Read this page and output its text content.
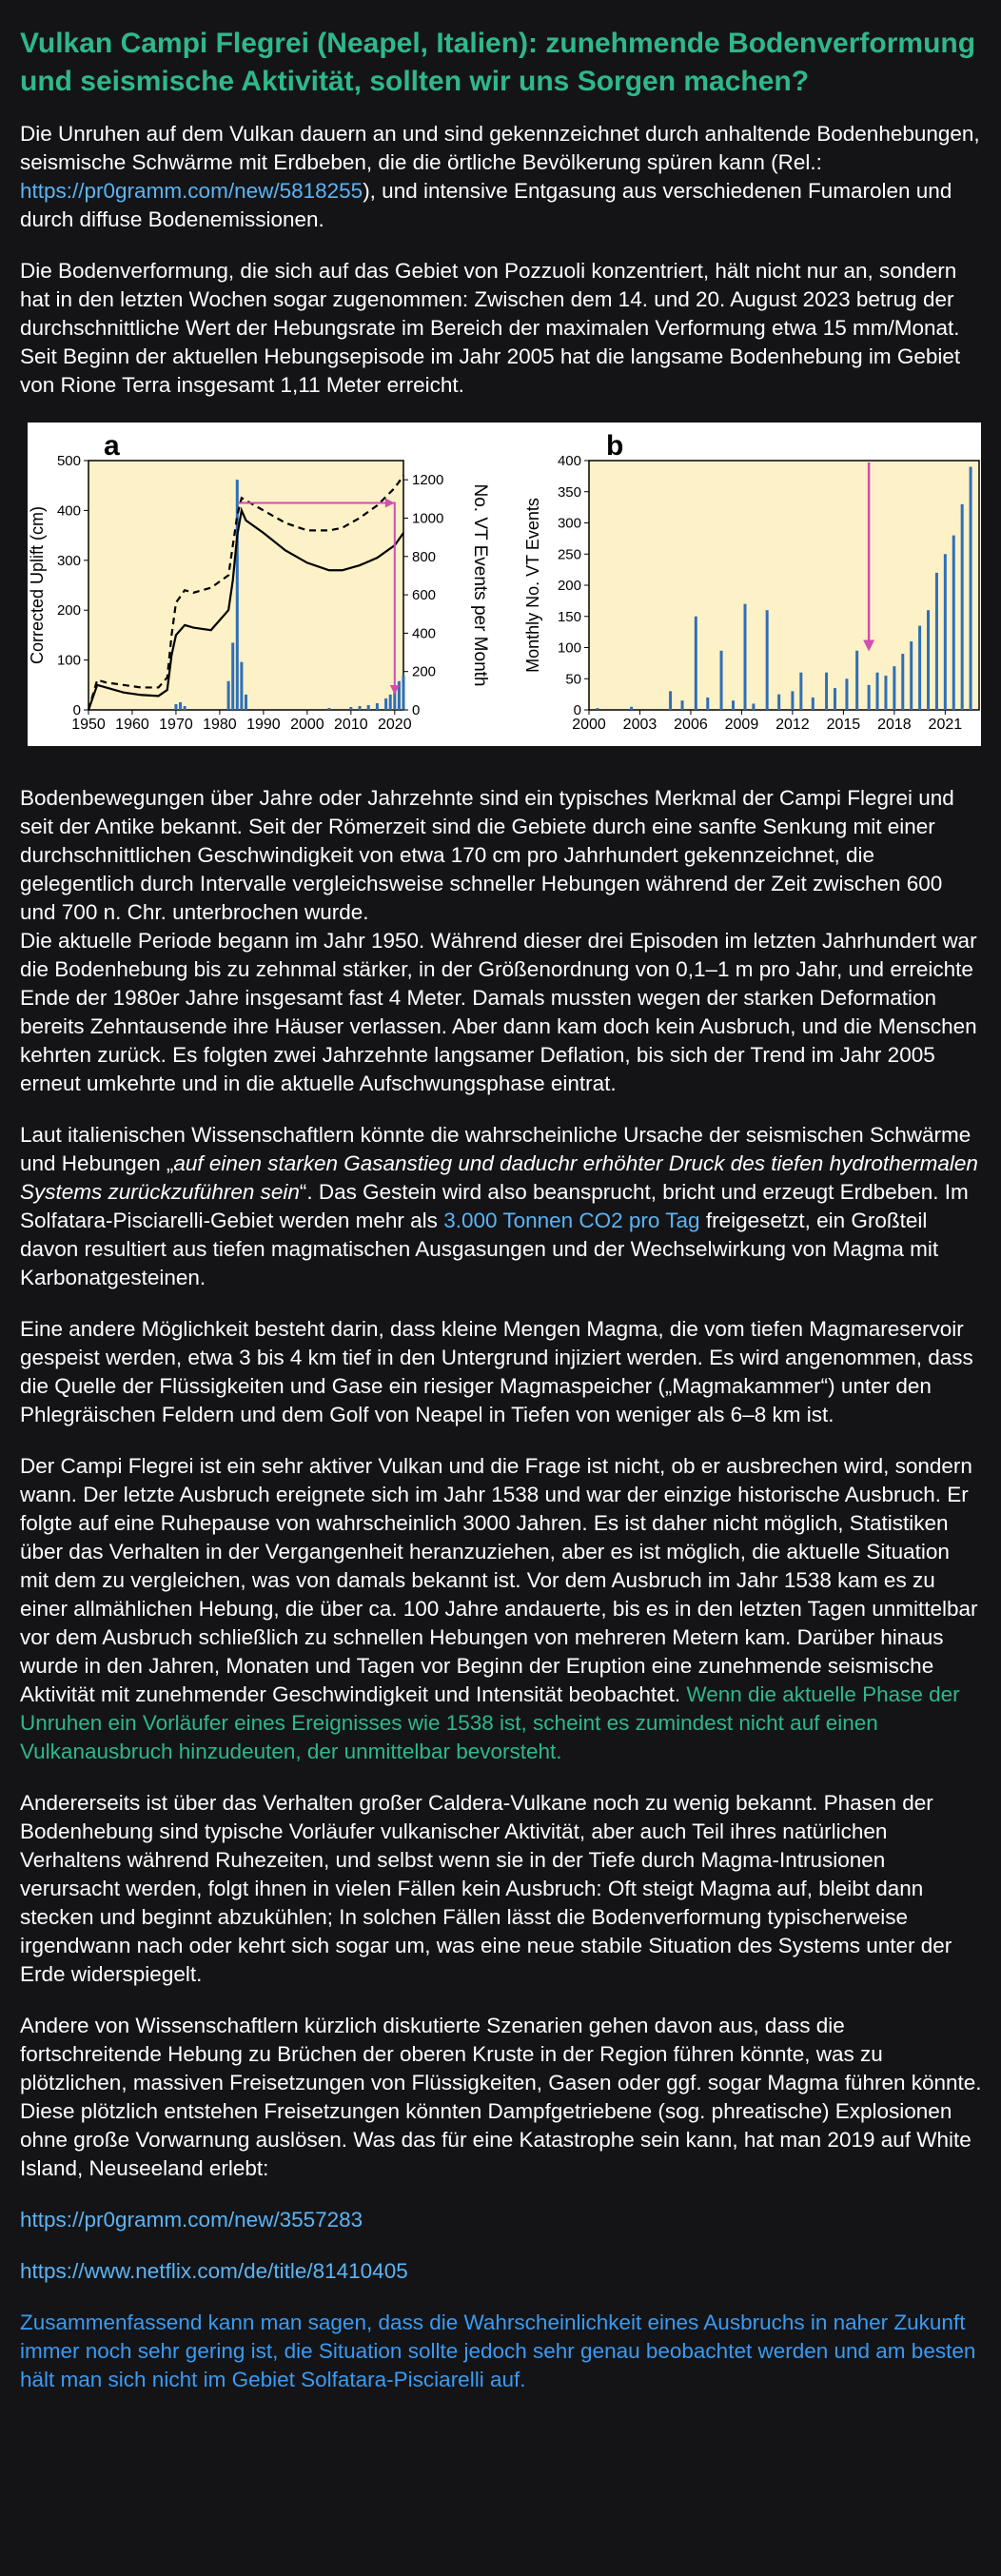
Vulkan Campi Flegrei (Neapel, Italien): zunehmende Bodenverformung und seismische Aktivität, sollten wir uns Sorgen machen?

Die Unruhen auf dem Vulkan dauern an und sind gekennzeichnet durch anhaltende Bodenhebungen, seismische Schwärme mit Erdbeben, die die örtliche Bevölkerung spüren kann (Rel.: https://pr0gramm.com/new/5818255), und intensive Entgasung aus verschiedenen Fumarolen und durch diffuse Bodenemissionen.

Die Bodenverformung, die sich auf das Gebiet von Pozzuoli konzentriert, hält nicht nur an, sondern hat in den letzten Wochen sogar zugenommen: Zwischen dem 14. und 20. August 2023 betrug der durchschnittliche Wert der Hebungsrate im Bereich der maximalen Verformung etwa 15 mm/Monat. Seit Beginn der aktuellen Hebungsepisode im Jahr 2005 hat die langsame Bodenhebung im Gebiet von Rione Terra insgesamt 1,11 Meter erreicht.

1950 1960 1970 1980 1990 2000 2010 2020
0
100
200
300
400
500
0
200
400
600
800
1000
1200
a
Corrected Uplift (cm)	No. VT Events per Month
2000 2003 2006 2009 2012 2015 2018 2021
0
50
100
150
200
250
300
350
400 b
Monthly No. VT Events

Bodenbewegungen über Jahre oder Jahrzehnte sind ein typisches Merkmal der Campi Flegrei und seit der Antike bekannt. Seit der Römerzeit sind die Gebiete durch eine sanfte Senkung mit einer durchschnittlichen Geschwindigkeit von etwa 170 cm pro Jahrhundert gekennzeichnet, die gelegentlich durch Intervalle vergleichsweise schneller Hebungen während der Zeit zwischen 600 und 700 n. Chr. unterbrochen wurde.

Die aktuelle Periode begann im Jahr 1950. Während dieser drei Episoden im letzten Jahrhundert war die Bodenhebung bis zu zehnmal stärker, in der Größenordnung von 0,1–1 m pro Jahr, und erreichte Ende der 1980er Jahre insgesamt fast 4 Meter. Damals mussten wegen der starken Deformation bereits Zehntausende ihre Häuser verlassen. Aber dann kam doch kein Ausbruch, und die Menschen kehrten zurück. Es folgten zwei Jahrzehnte langsamer Deflation, bis sich der Trend im Jahr 2005 erneut umkehrte und in die aktuelle Aufschwungsphase eintrat.

Laut italienischen Wissenschaftlern könnte die wahrscheinliche Ursache der seismischen Schwärme und Hebungen „auf einen starken Gasanstieg und daduchr erhöhter Druck des tiefen hydrothermalen Systems zurückzuführen sein“. Das Gestein wird also beansprucht, bricht und erzeugt Erdbeben. Im Solfatara-Pisciarelli-Gebiet werden mehr als 3.000 Tonnen CO2 pro Tag freigesetzt, ein Großteil davon resultiert aus tiefen magmatischen Ausgasungen und der Wechselwirkung von Magma mit Karbonatgesteinen.

Eine andere Möglichkeit besteht darin, dass kleine Mengen Magma, die vom tiefen Magmareservoir gespeist werden, etwa 3 bis 4 km tief in den Untergrund injiziert werden. Es wird angenommen, dass die Quelle der Flüssigkeiten und Gase ein riesiger Magmaspeicher („Magmakammer“) unter den Phlegräischen Feldern und dem Golf von Neapel in Tiefen von weniger als 6–8 km ist.

Der Campi Flegrei ist ein sehr aktiver Vulkan und die Frage ist nicht, ob er ausbrechen wird, sondern wann. Der letzte Ausbruch ereignete sich im Jahr 1538 und war der einzige historische Ausbruch. Er folgte auf eine Ruhepause von wahrscheinlich 3000 Jahren. Es ist daher nicht möglich, Statistiken über das Verhalten in der Vergangenheit heranzuziehen, aber es ist möglich, die aktuelle Situation mit dem zu vergleichen, was von damals bekannt ist. Vor dem Ausbruch im Jahr 1538 kam es zu einer allmählichen Hebung, die über ca. 100 Jahre andauerte, bis es in den letzten Tagen unmittelbar vor dem Ausbruch schließlich zu schnellen Hebungen von mehreren Metern kam. Darüber hinaus wurde in den Jahren, Monaten und Tagen vor Beginn der Eruption eine zunehmende seismische Aktivität mit zunehmender Geschwindigkeit und Intensität beobachtet. Wenn die aktuelle Phase der Unruhen ein Vorläufer eines Ereignisses wie 1538 ist, scheint es zumindest nicht auf einen Vulkanausbruch hinzudeuten, der unmittelbar bevorsteht.

Andererseits ist über das Verhalten großer Caldera-Vulkane noch zu wenig bekannt. Phasen der Bodenhebung sind typische Vorläufer vulkanischer Aktivität, aber auch Teil ihres natürlichen Verhaltens während Ruhezeiten, und selbst wenn sie in der Tiefe durch Magma-Intrusionen verursacht werden, folgt ihnen in vielen Fällen kein Ausbruch: Oft steigt Magma auf, bleibt dann stecken und beginnt abzukühlen; In solchen Fällen lässt die Bodenverformung typischerweise irgendwann nach oder kehrt sich sogar um, was eine neue stabile Situation des Systems unter der Erde widerspiegelt.

Andere von Wissenschaftlern kürzlich diskutierte Szenarien gehen davon aus, dass die fortschreitende Hebung zu Brüchen der oberen Kruste in der Region führen könnte, was zu plötzlichen, massiven Freisetzungen von Flüssigkeiten, Gasen oder ggf. sogar Magma führen könnte. Diese plötzlich entstehen Freisetzungen könnten Dampfgetriebene (sog. phreatische) Explosionen ohne große Vorwarnung auslösen. Was das für eine Katastrophe sein kann, hat man 2019 auf White Island, Neuseeland erlebt:

https://pr0gramm.com/new/3557283

https://www.netflix.com/de/title/81410405

Zusammenfassend kann man sagen, dass die Wahrscheinlichkeit eines Ausbruchs in naher Zukunft immer noch sehr gering ist, die Situation sollte jedoch sehr genau beobachtet werden und am besten hält man sich nicht im Gebiet Solfatara-Pisciarelli auf.
